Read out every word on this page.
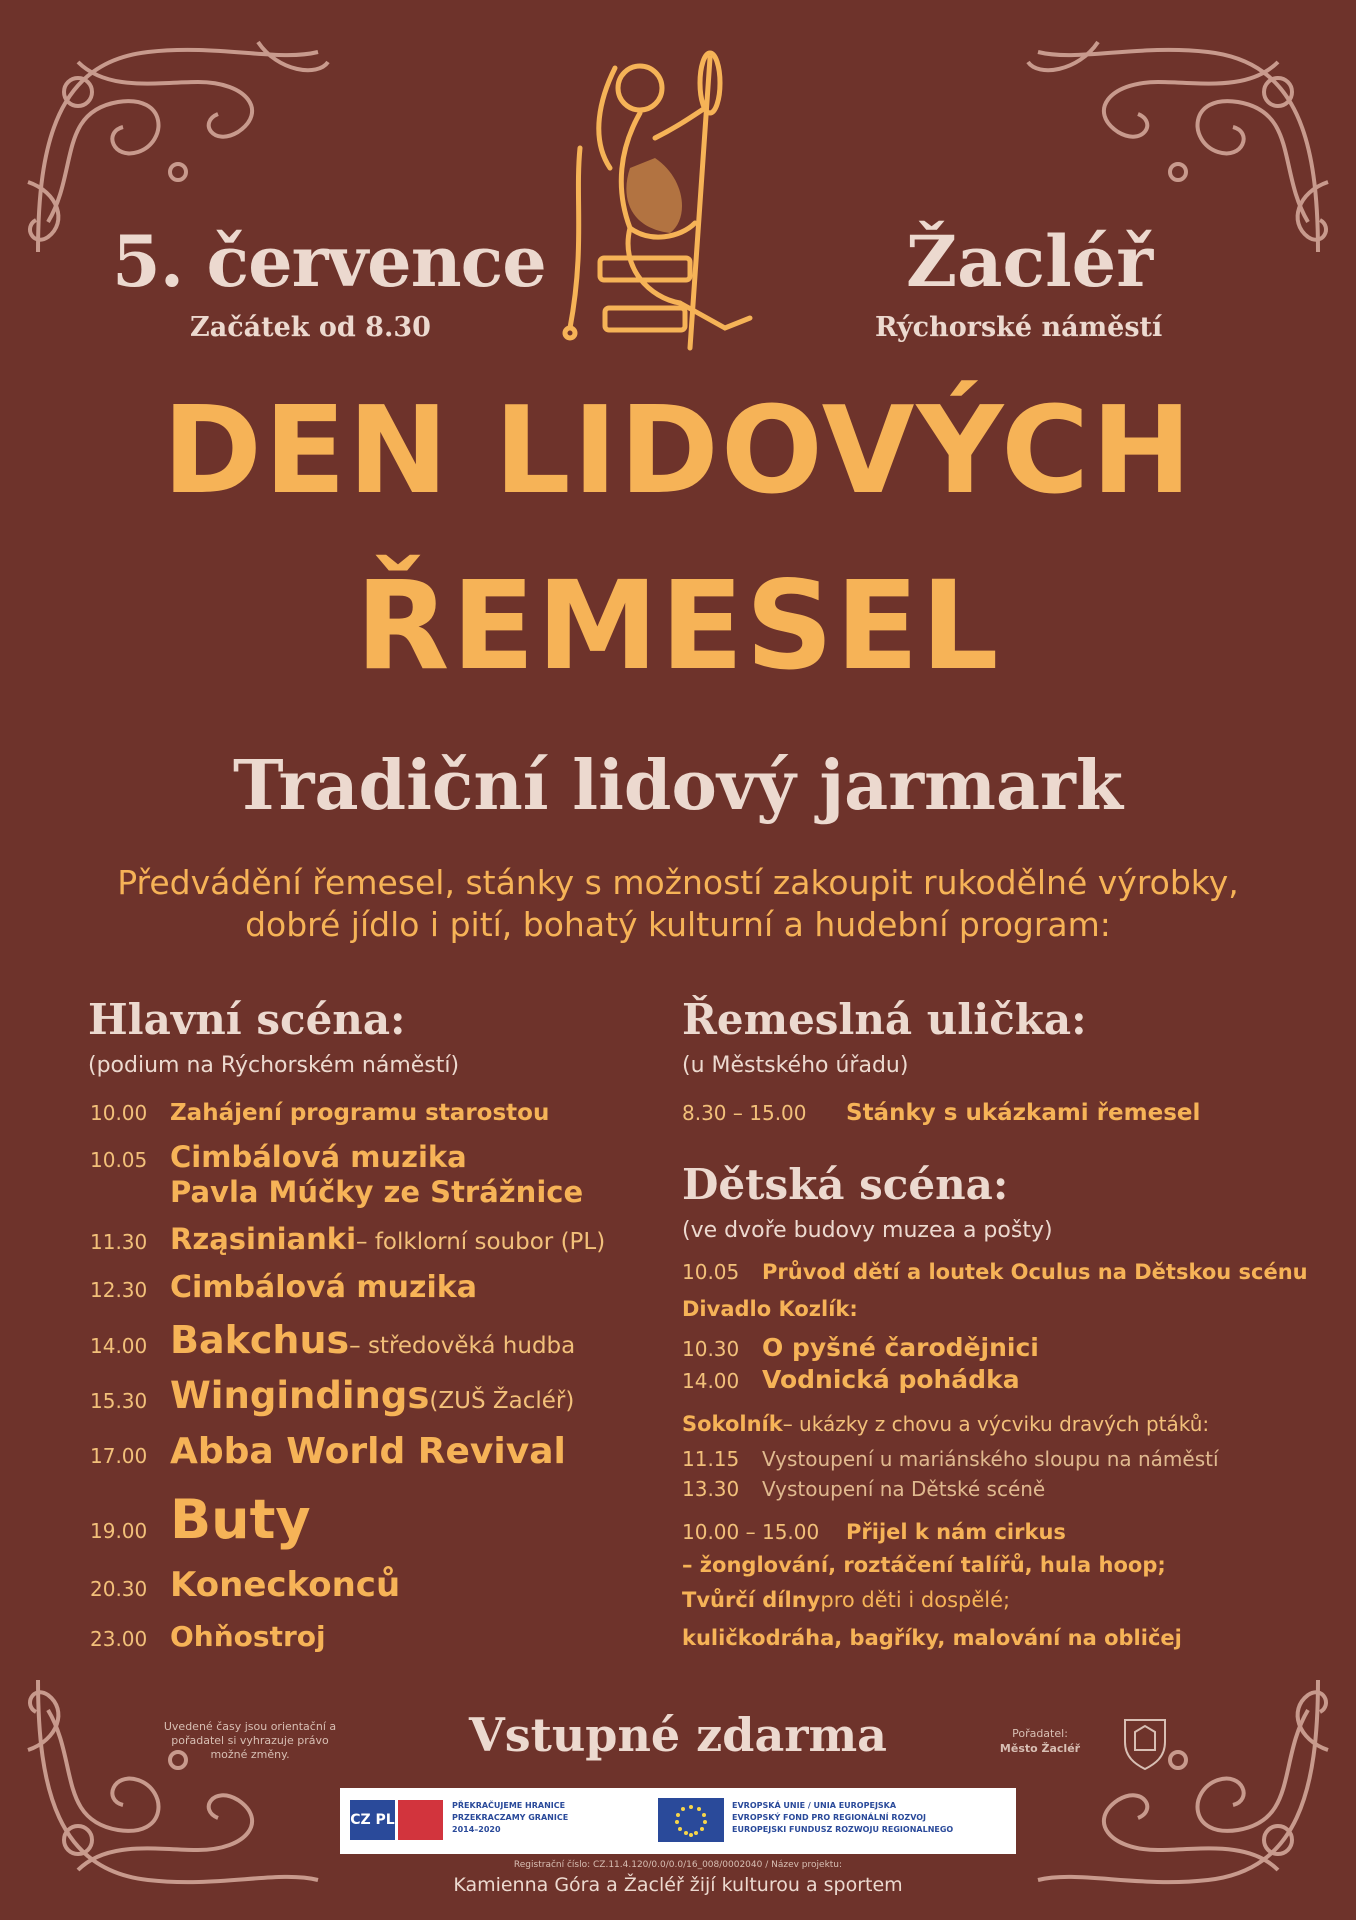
5. července
Začátek od 8.30
Žacléř
Rýchorské náměstí
DEN LIDOVÝCH
ŘEMESEL
Tradiční lidový jarmark
Předvádění řemesel, stánky s možností zakoupit rukodělné výrobky,
dobré jídlo i pití, bohatý kulturní a hudební program:
Hlavní scéna:
(podium na Rýchorském náměstí)
10.00 Zahájení programu starostou
10.05 Cimbálová muzika
Pavla Múčky ze Strážnice
11.30 Rząsinianki – folklorní soubor (PL)
12.30 Cimbálová muzika
14.00 Bakchus – středověká hudba
15.30 Wingindings (ZUŠ Žacléř)
17.00 Abba World Revival
19.00 Buty
20.30 Koneckonců
23.00 Ohňostroj
Řemeslná ulička:
(u Městského úřadu)
8.30 – 15.00	Stánky s ukázkami řemesel
Dětská scéna:
(ve dvoře budovy muzea a pošty)
10.05	Průvod dětí a loutek Oculus na Dětskou scénu
Divadlo Kozlík:
10.30 O pyšné čarodějnici
14.00 Vodnická pohádka
Sokolník – ukázky z chovu a výcviku dravých ptáků:
11.15	Vystoupení u mariánského sloupu na náměstí
13.30	Vystoupení na Dětské scéně
10.00 – 15.00	Přijel k nám cirkus
– žonglování, roztáčení talířů, hula hoop;
Tvůrčí dílny pro děti i dospělé;
kuličkodráha, bagříky, malování na obličej
Uvedené časy jsou orientační a pořadatel si vyhrazuje právo možné změny.	Vstupné zdarma	Pořadatel:
Město Žacléř
CZ PL
PŘEKRAČUJEME HRANICE
PRZEKRACZAMY GRANICE
2014–2020
EVROPSKÁ UNIE / UNIA EUROPEJSKA
EVROPSKÝ FOND PRO REGIONÁLNÍ ROZVOJ
EUROPEJSKI FUNDUSZ ROZWOJU REGIONALNEGO
Registrační číslo: CZ.11.4.120/0.0/0.0/16_008/0002040 / Název projektu:
Kamienna Góra a Žacléř žijí kulturou a sportem
